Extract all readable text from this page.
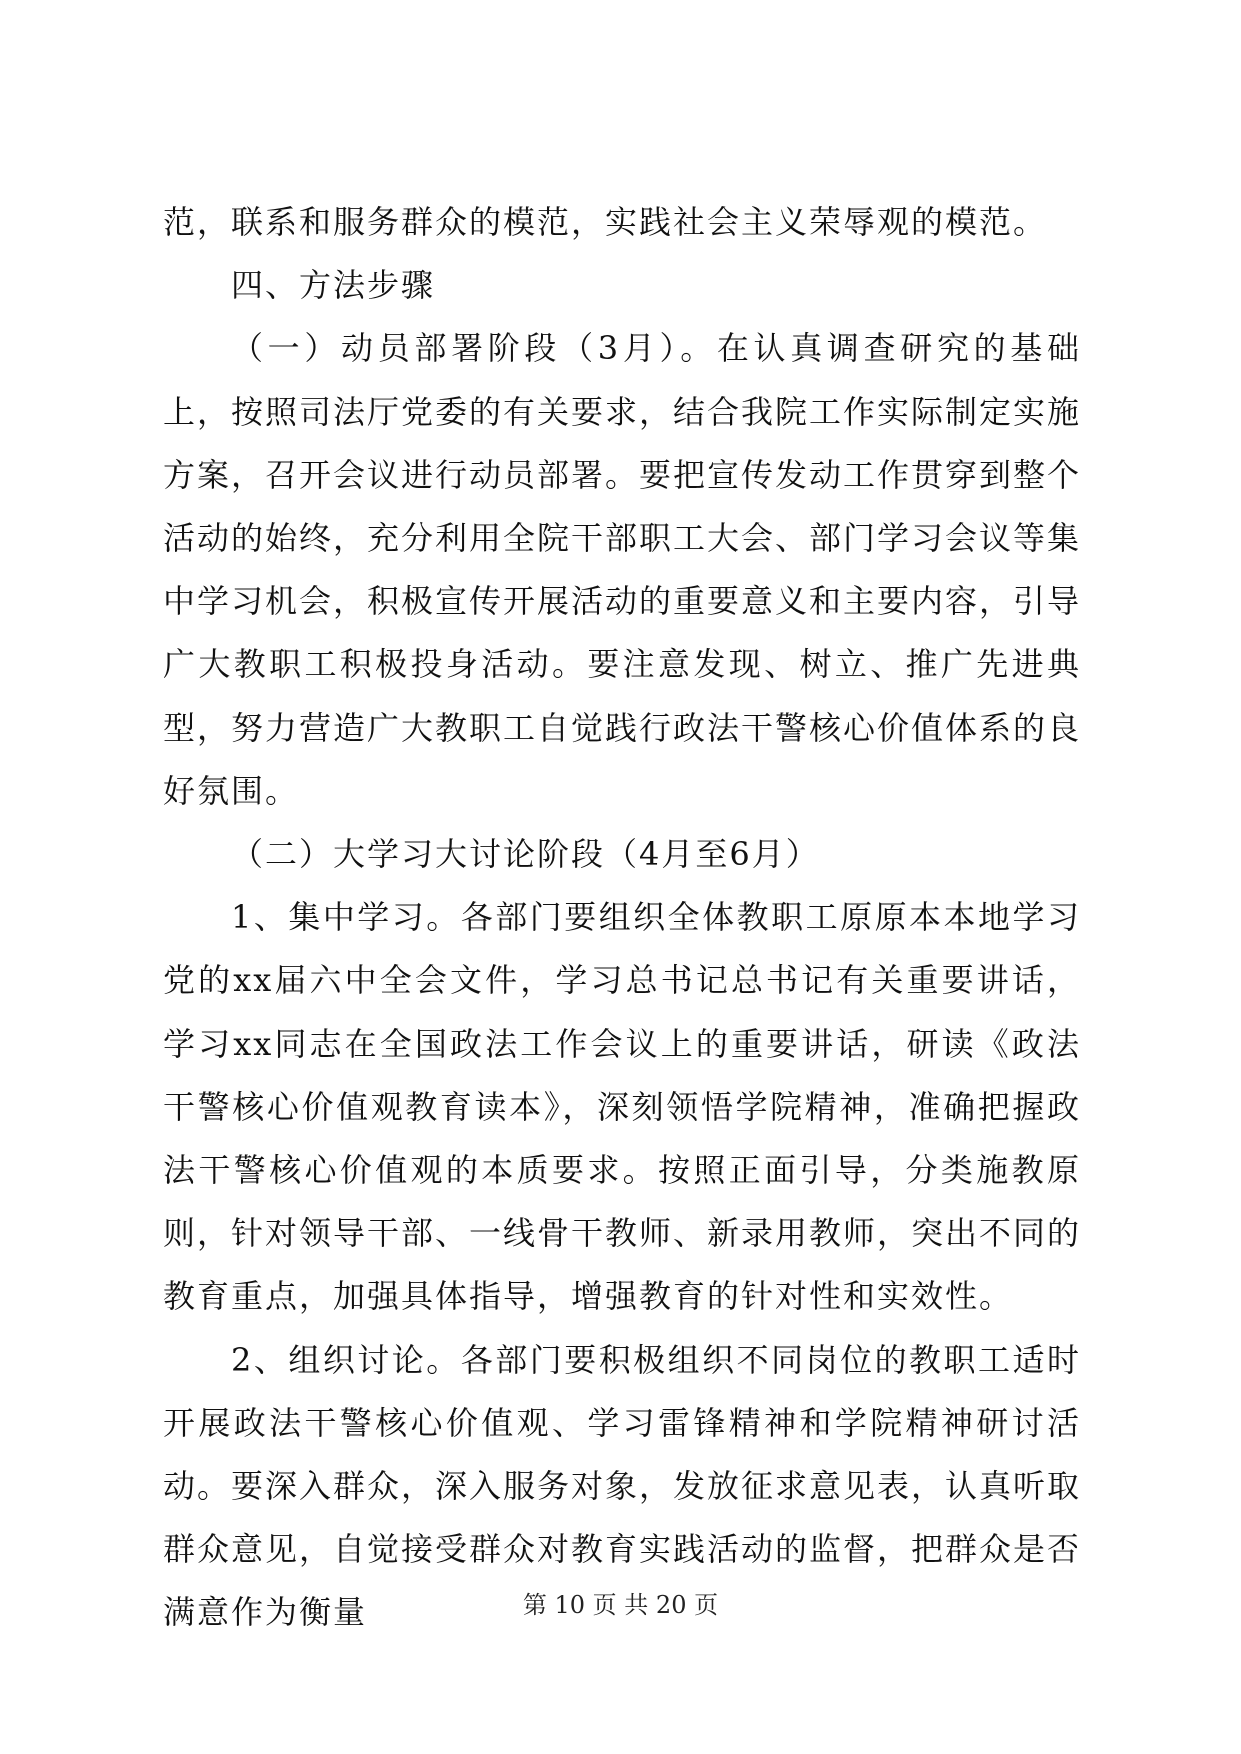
范，联系和服务群众的模范，实践社会主义荣辱观的模范。

四、方法步骤

（一）动员部署阶段（3月）。在认真调查研究的基础上，按照司法厅党委的有关要求，结合我院工作实际制定实施方案，召开会议进行动员部署。要把宣传发动工作贯穿到整个活动的始终，充分利用全院干部职工大会、部门学习会议等集中学习机会，积极宣传开展活动的重要意义和主要内容，引导广大教职工积极投身活动。要注意发现、树立、推广先进典型，努力营造广大教职工自觉践行政法干警核心价值体系的良好氛围。

（二）大学习大讨论阶段（4月至6月）

1、集中学习。各部门要组织全体教职工原原本本地学习党的xx届六中全会文件，学习总书记总书记有关重要讲话，学习xx同志在全国政法工作会议上的重要讲话，研读《政法干警核心价值观教育读本》，深刻领悟学院精神，准确把握政法干警核心价值观的本质要求。按照正面引导，分类施教原则，针对领导干部、一线骨干教师、新录用教师，突出不同的教育重点，加强具体指导，增强教育的针对性和实效性。

2、组织讨论。各部门要积极组织不同岗位的教职工适时开展政法干警核心价值观、学习雷锋精神和学院精神研讨活动。要深入群众，深入服务对象，发放征求意见表，认真听取群众意见，自觉接受群众对教育实践活动的监督，把群众是否满意作为衡量	第 10 页 共 20 页
